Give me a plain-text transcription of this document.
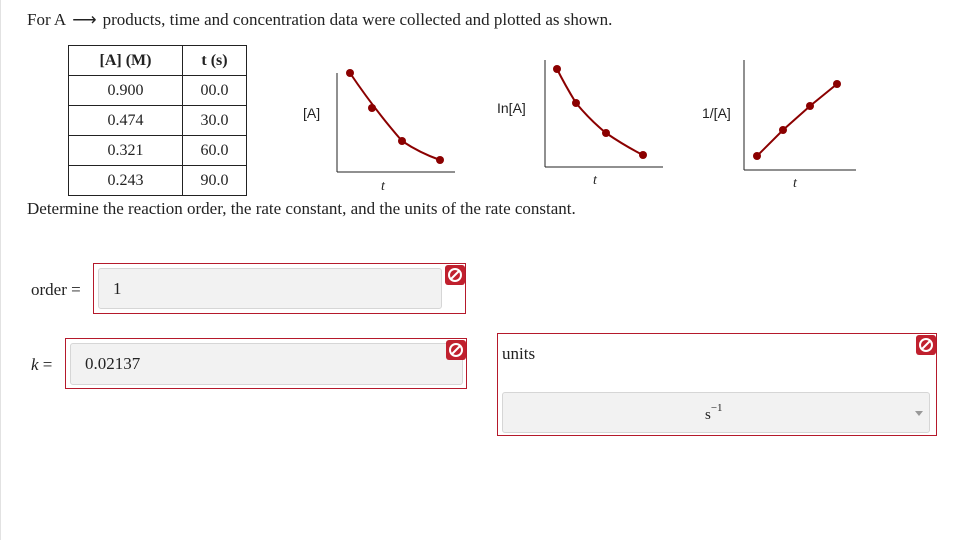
For A ⟶ products, time and concentration data were collected and plotted as shown.
[A] (M)	t (s)
0.900	00.0
0.474	30.0
0.321	60.0
0.243	90.0
[A]
t
In[A]
t
1/[A]
t
Determine the reaction order, the rate constant, and the units of the rate constant.
order =	1
k =	0.02137
units
$s^{-1}$
